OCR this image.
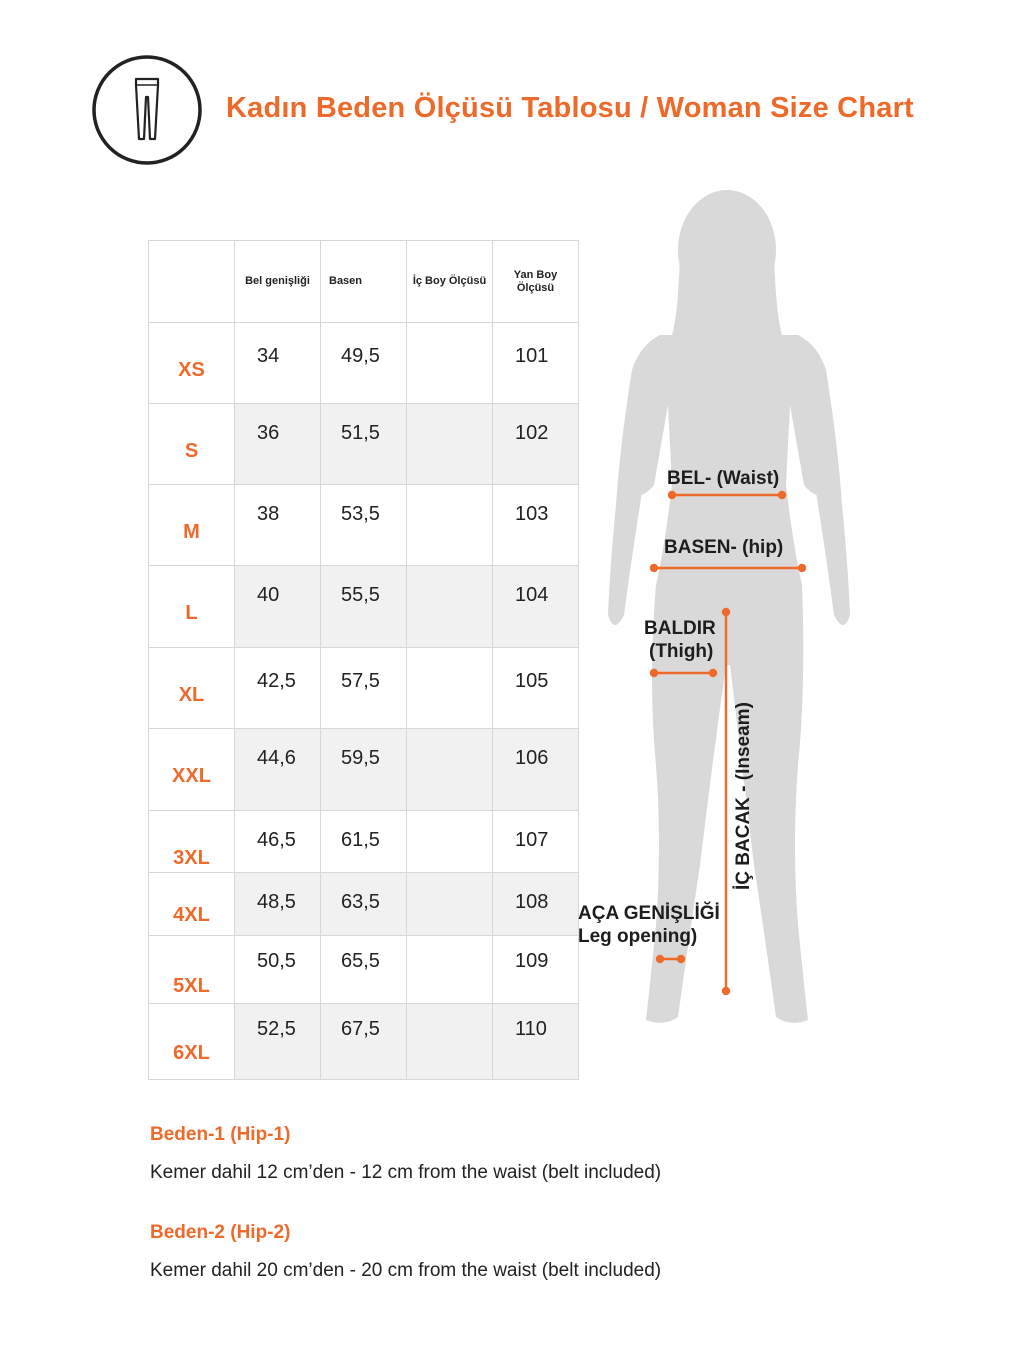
Kadın Beden Ölçüsü Tablosu / Woman Size Chart
	Bel genişliği	Basen	İç Boy Ölçüsü	Yan Boy Ölçüsü
XS	34	49,5		101
S	36	51,5		102
M	38	53,5		103
L	40	55,5		104
XL	42,5	57,5		105
XXL	44,6	59,5		106
3XL	46,5	61,5		107
4XL	48,5	63,5		108
5XL	50,5	65,5		109
6XL	52,5	67,5		110
BEL- (Waist)
BASEN- (hip)
BALDIR
(Thigh)
AÇA GENİŞLİĞİ
Leg opening)
İÇ BACAK - (Inseam)
Beden-1 (Hip-1)
Kemer dahil 12 cm’den - 12 cm from the waist (belt included)
Beden-2 (Hip-2)
Kemer dahil 20 cm’den - 20 cm from the waist (belt included)
